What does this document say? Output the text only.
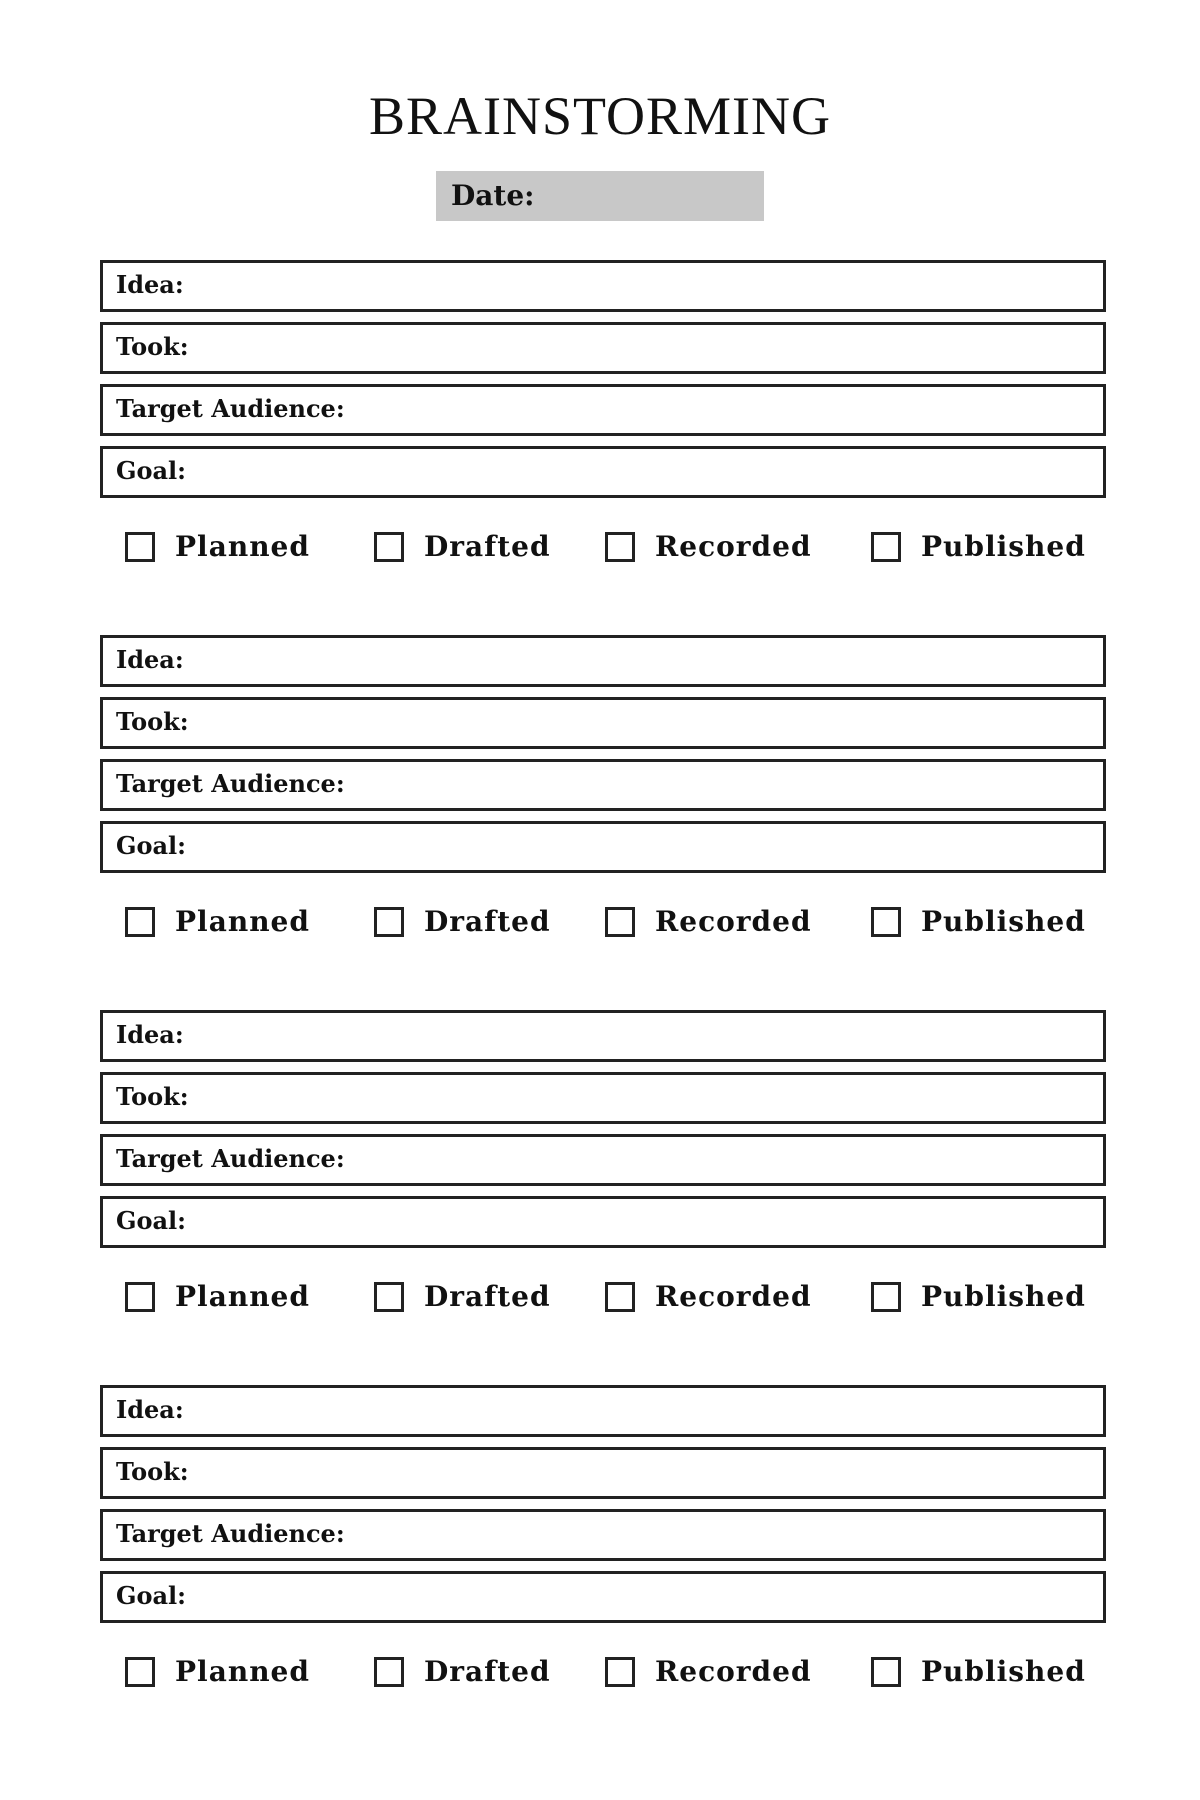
BRAINSTORMING
Date:
Idea:
Took:
Target Audience:
Goal:
Planned	Drafted	Recorded	Published
Idea:
Took:
Target Audience:
Goal:
Planned	Drafted	Recorded	Published
Idea:
Took:
Target Audience:
Goal:
Planned	Drafted	Recorded	Published
Idea:
Took:
Target Audience:
Goal:
Planned	Drafted	Recorded	Published
